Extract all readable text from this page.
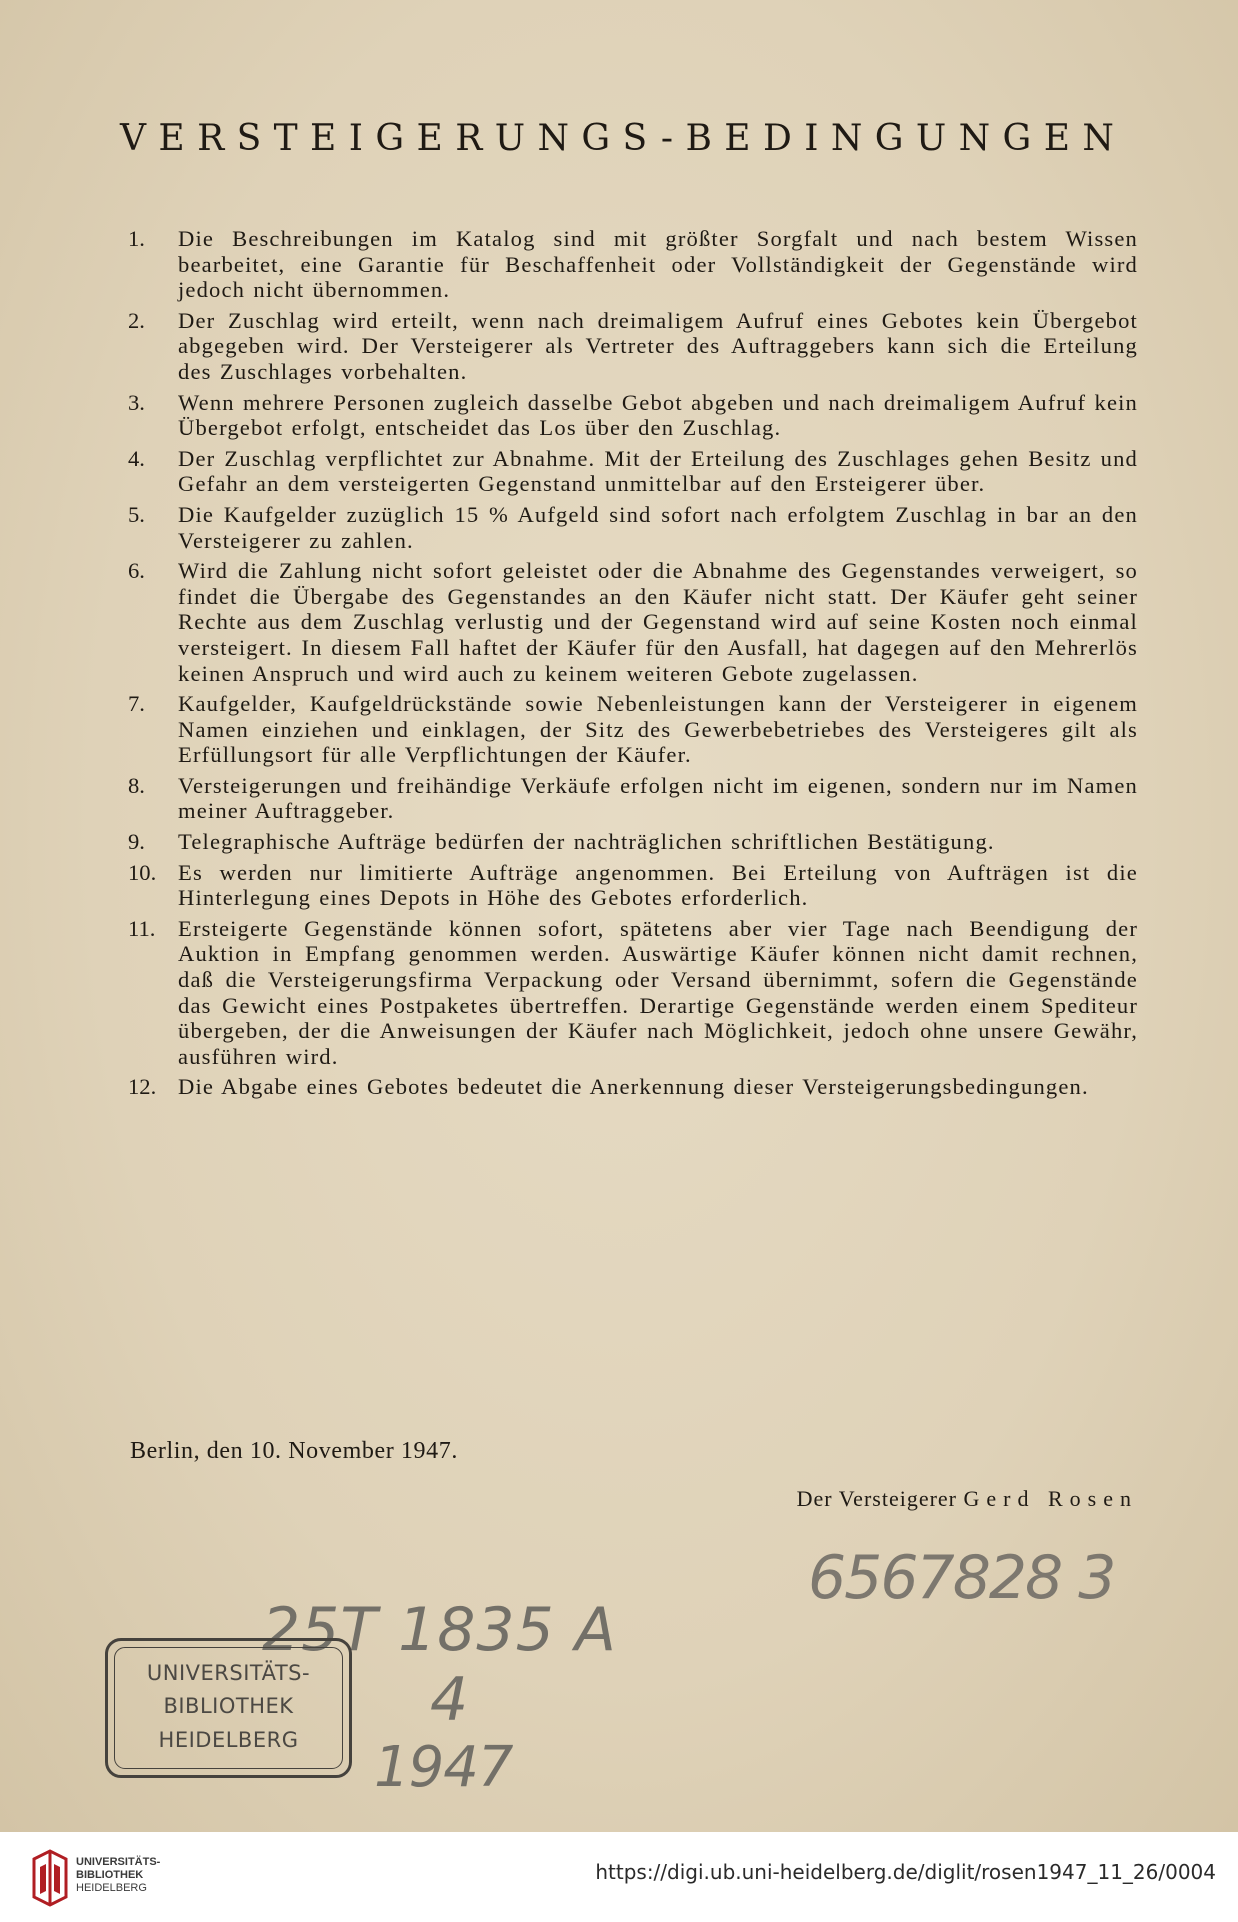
VERSTEIGERUNGS-BEDINGUNGEN
1.	Die Beschreibungen im Katalog sind mit größter Sorgfalt und nach bestem Wissen bearbeitet, eine Garantie für Beschaffenheit oder Vollständigkeit der Gegenstände wird jedoch nicht übernommen.
2.	Der Zuschlag wird erteilt, wenn nach dreimaligem Aufruf eines Gebotes kein Übergebot abgegeben wird. Der Versteigerer als Vertreter des Auftraggebers kann sich die Erteilung des Zuschlages vorbehalten.
3.	Wenn mehrere Personen zugleich dasselbe Gebot abgeben und nach dreimaligem Aufruf kein Übergebot erfolgt, entscheidet das Los über den Zuschlag.
4.	Der Zuschlag verpflichtet zur Abnahme. Mit der Erteilung des Zuschlages gehen Besitz und Gefahr an dem versteigerten Gegenstand unmittelbar auf den Ersteigerer über.
5.	Die Kaufgelder zuzüglich 15 % Aufgeld sind sofort nach erfolgtem Zuschlag in bar an den Versteigerer zu zahlen.
6.	Wird die Zahlung nicht sofort geleistet oder die Abnahme des Gegenstandes verweigert, so findet die Übergabe des Gegenstandes an den Käufer nicht statt. Der Käufer geht seiner Rechte aus dem Zuschlag verlustig und der Gegenstand wird auf seine Kosten noch einmal versteigert. In diesem Fall haftet der Käufer für den Ausfall, hat dagegen auf den Mehrerlös keinen Anspruch und wird auch zu keinem weiteren Gebote zugelassen.
7.	Kaufgelder, Kaufgeldrückstände sowie Nebenleistungen kann der Versteigerer in eigenem Namen einziehen und einklagen, der Sitz des Gewerbebetriebes des Versteigeres gilt als Erfüllungsort für alle Verpflichtungen der Käufer.
8.	Versteigerungen und freihändige Verkäufe erfolgen nicht im eigenen, sondern nur im Namen meiner Auftraggeber.
9.	Telegraphische Aufträge bedürfen der nachträglichen schriftlichen Bestätigung.
10. Es werden nur limitierte Aufträge angenommen. Bei Erteilung von Aufträgen ist die Hinterlegung eines Depots in Höhe des Gebotes erforderlich.
11. Ersteigerte Gegenstände können sofort, spätetens aber vier Tage nach Beendigung der Auktion in Empfang genommen werden. Auswärtige Käufer können nicht damit rechnen, daß die Versteigerungsfirma Verpackung oder Versand übernimmt, sofern die Gegenstände das Gewicht eines Postpaketes übertreffen. Derartige Gegenstände werden einem Spediteur übergeben, der die Anweisungen der Käufer nach Möglichkeit, jedoch ohne unsere Gewähr, ausführen wird.
12. Die Abgabe eines Gebotes bedeutet die Anerkennung dieser Versteigerungsbedingungen.
Berlin, den 10. November 1947.
Der Versteigerer Gerd Rosen
6567828 3
25T 1835 A
4
1947
UNIVERSITÄTS-
BIBLIOTHEK
HEIDELBERG
UNIVERSITÄTS-
BIBLIOTHEK
HEIDELBERG
https://digi.ub.uni-heidelberg.de/diglit/rosen1947_11_26/0004
